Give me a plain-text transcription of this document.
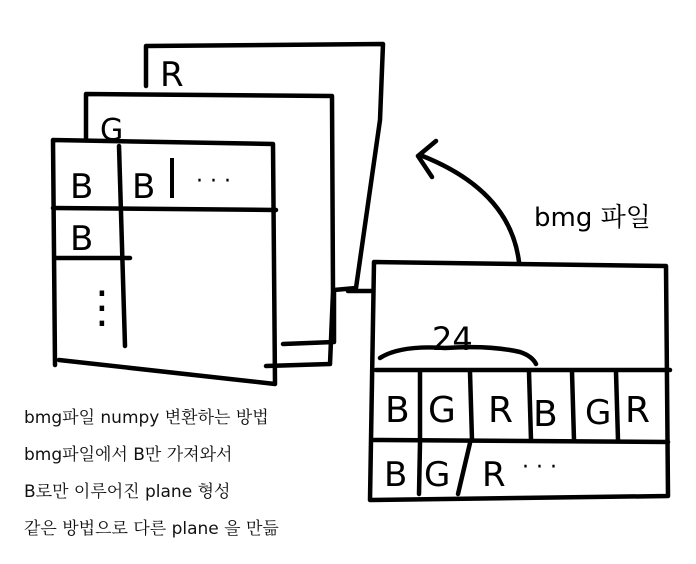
R
G
B B · · ·
B
⋮
bmg 파일
24
B G R B G R
B G R · · ·
bmg파일 numpy 변환하는 방법
bmg파일에서 B만 가져와서
B로만 이루어진 plane 형성
같은 방법으로 다른 plane 을 만듦
